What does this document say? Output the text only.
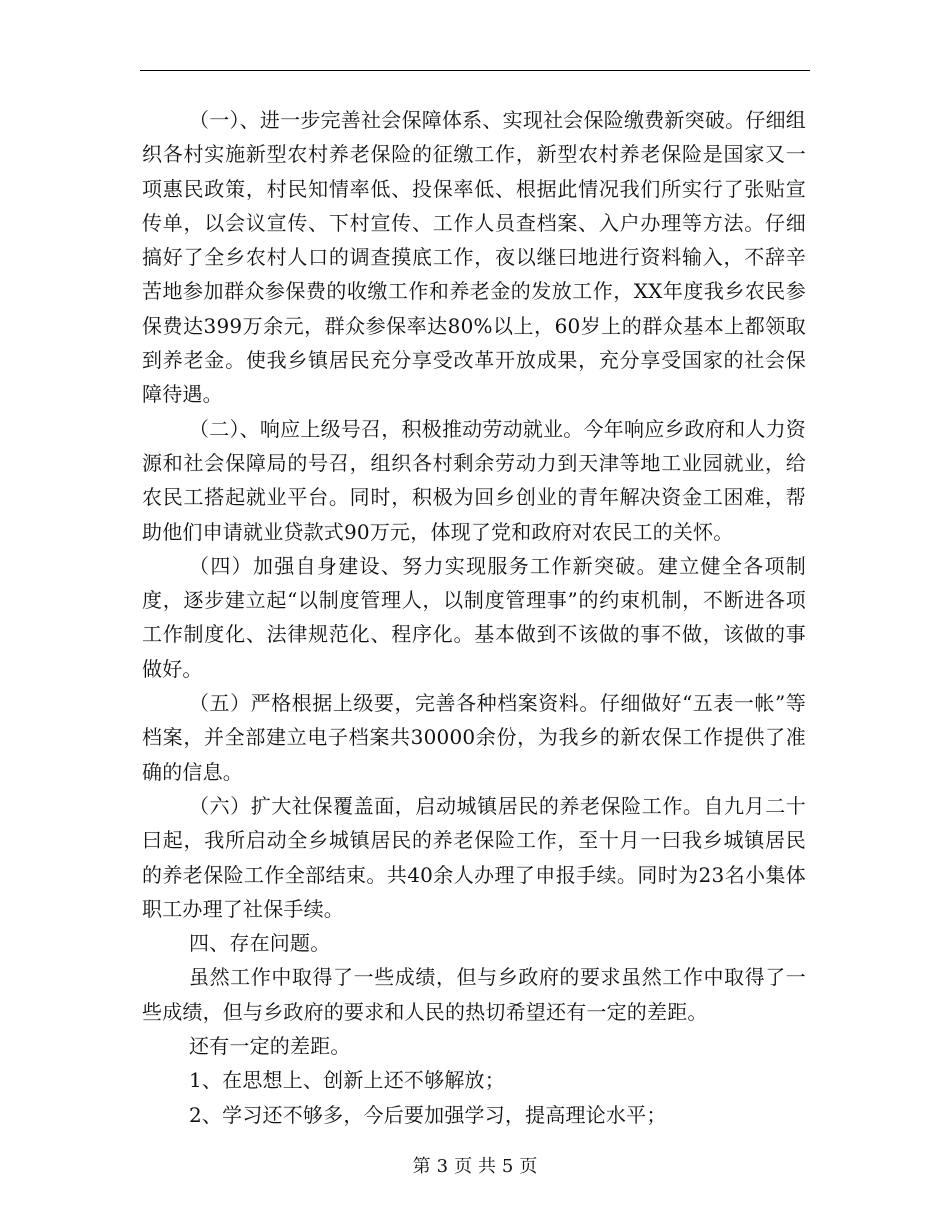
（一）、进一步完善社会保障体系、实现社会保险缴费新突破。仔细组织各村实施新型农村养老保险的征缴工作，新型农村养老保险是国家又一项惠民政策，村民知情率低、投保率低、根据此情况我们所实行了张贴宣传单，以会议宣传、下村宣传、工作人员查档案、入户办理等方法。仔细搞好了全乡农村人口的调查摸底工作，夜以继曰地进行资料输入，不辞辛苦地参加群众参保费的收缴工作和养老金的发放工作，XX年度我乡农民参保费达399万余元，群众参保率达80%以上，60岁上的群众基本上都领取到养老金。使我乡镇居民充分享受改革开放成果，充分享受国家的社会保障待遇。

（二）、响应上级号召，积极推动劳动就业。今年响应乡政府和人力资源和社会保障局的号召，组织各村剩余劳动力到天津等地工业园就业，给农民工搭起就业平台。同时，积极为回乡创业的青年解决资金工困难，帮助他们申请就业贷款式90万元，体现了党和政府对农民工的关怀。

（四）加强自身建设、努力实现服务工作新突破。建立健全各项制度，逐步建立起“以制度管理人，以制度管理事”的约束机制，不断进各项工作制度化、法律规范化、程序化。基本做到不该做的事不做，该做的事做好。

（五）严格根据上级要，完善各种档案资料。仔细做好“五表一帐”等档案，并全部建立电子档案共30000余份，为我乡的新农保工作提供了准确的信息。

（六）扩大社保覆盖面，启动城镇居民的养老保险工作。自九月二十曰起，我所启动全乡城镇居民的养老保险工作，至十月一曰我乡城镇居民的养老保险工作全部结束。共40余人办理了申报手续。同时为23名小集体职工办理了社保手续。

四、存在问题。

虽然工作中取得了一些成绩，但与乡政府的要求虽然工作中取得了一些成绩，但与乡政府的要求和人民的热切希望还有一定的差距。

还有一定的差距。

1、在思想上、创新上还不够解放；

2、学习还不够多，今后要加强学习，提高理论水平；

第 3 页 共 5 页
